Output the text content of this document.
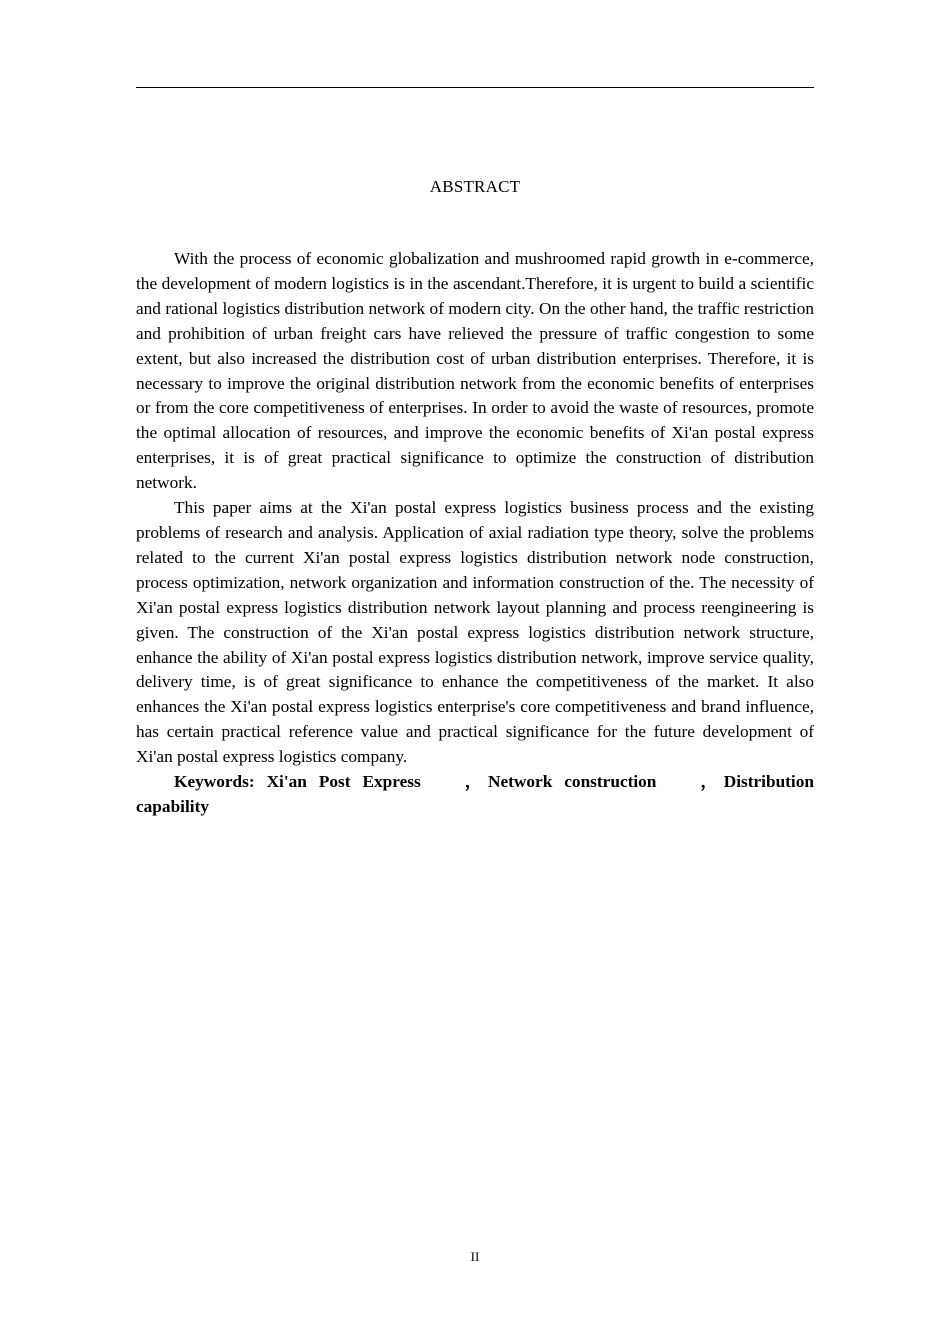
ABSTRACT

With the process of economic globalization and mushroomed rapid growth in e-commerce, the development of modern logistics is in the ascendant.Therefore, it is urgent to build a scientific and rational logistics distribution network of modern city. On the other hand, the traffic restriction and prohibition of urban freight cars have relieved the pressure of traffic congestion to some extent, but also increased the distribution cost of urban distribution enterprises. Therefore, it is necessary to improve the original distribution network from the economic benefits of enterprises or from the core competitiveness of enterprises. In order to avoid the waste of resources, promote the optimal allocation of resources, and improve the economic benefits of Xi'an postal express enterprises, it is of great practical significance to optimize the construction of distribution network.

This paper aims at the Xi'an postal express logistics business process and the existing problems of research and analysis. Application of axial radiation type theory, solve the problems related to the current Xi'an postal express logistics distribution network node construction, process optimization, network organization and information construction of the. The necessity of Xi'an postal express logistics distribution network layout planning and process reengineering is given. The construction of the Xi'an postal express logistics distribution network structure, enhance the ability of Xi'an postal express logistics distribution network, improve service quality, delivery time, is of great significance to enhance the competitiveness of the market. It also enhances the Xi'an postal express logistics enterprise's core competitiveness and brand influence, has certain practical reference value and practical significance for the future development of Xi'an postal express logistics company.

Keywords: Xi'an Post Express	， Network construction	， Distribution capability

II
